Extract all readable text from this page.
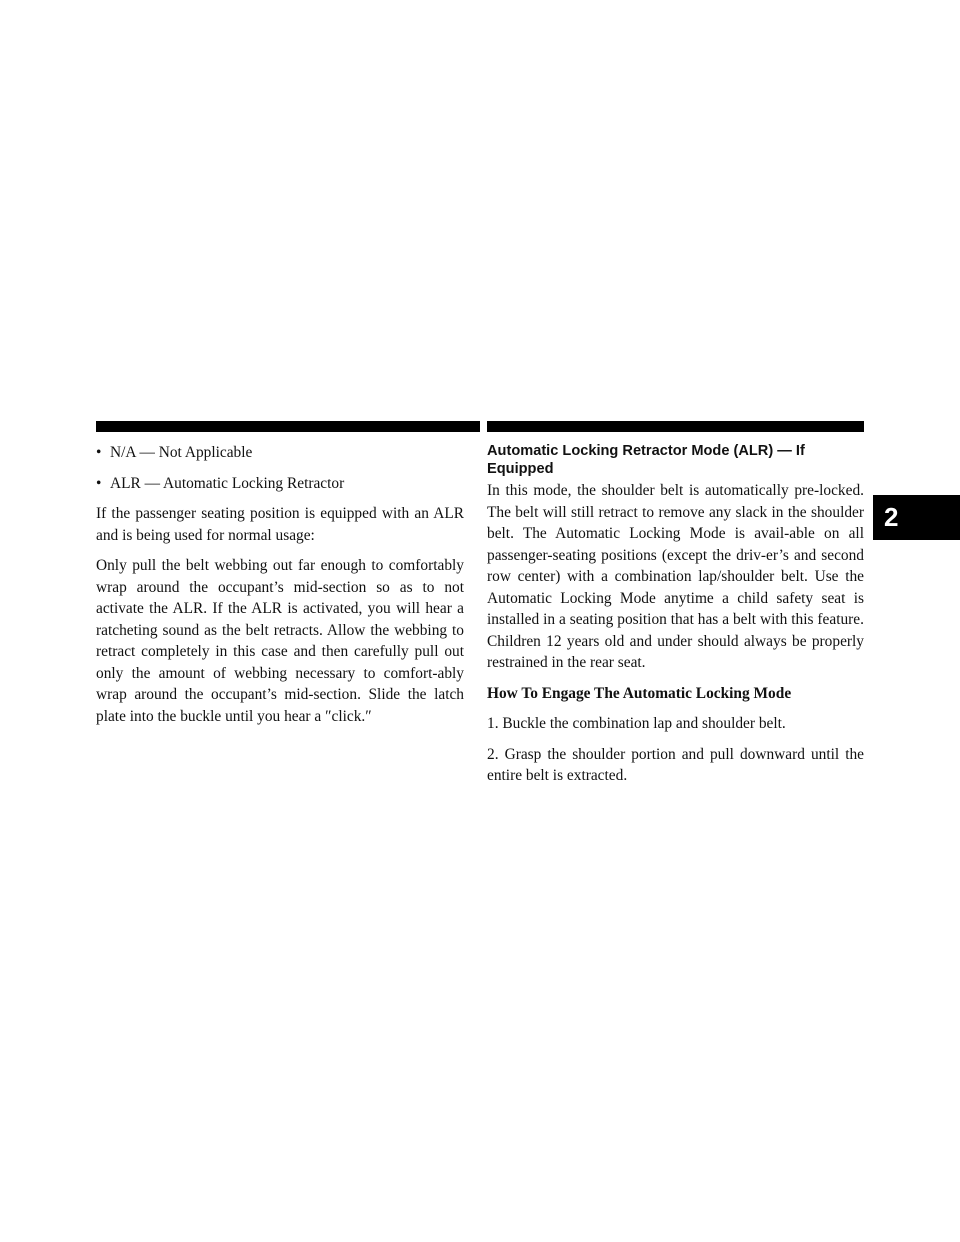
THINGS TO KNOW BEFORE STARTING YOUR VEHICLE	53
2
• N/A — Not Applicable
• ALR — Automatic Locking Retractor

If the passenger seating position is equipped with an ALR and is being used for normal usage:

Only pull the belt webbing out far enough to comfortably wrap around the occupant’s mid-section so as to not activate the ALR. If the ALR is activated, you will hear a ratcheting sound as the belt retracts. Allow the webbing to retract completely in this case and then carefully pull out only the amount of webbing necessary to comfort-ably wrap around the occupant’s mid-section. Slide the latch plate into the buckle until you hear a ″click.″

Automatic Locking Retractor Mode (ALR) — If Equipped

In this mode, the shoulder belt is automatically pre-locked. The belt will still retract to remove any slack in the shoulder belt. The Automatic Locking Mode is avail-able on all passenger-seating positions (except the driv-er’s and second row center) with a combination lap/shoulder belt. Use the Automatic Locking Mode anytime a child safety seat is installed in a seating position that has a belt with this feature. Children 12 years old and under should always be properly restrained in the rear seat.

How To Engage The Automatic Locking Mode

1. Buckle the combination lap and shoulder belt.

2. Grasp the shoulder portion and pull downward until the entire belt is extracted.
